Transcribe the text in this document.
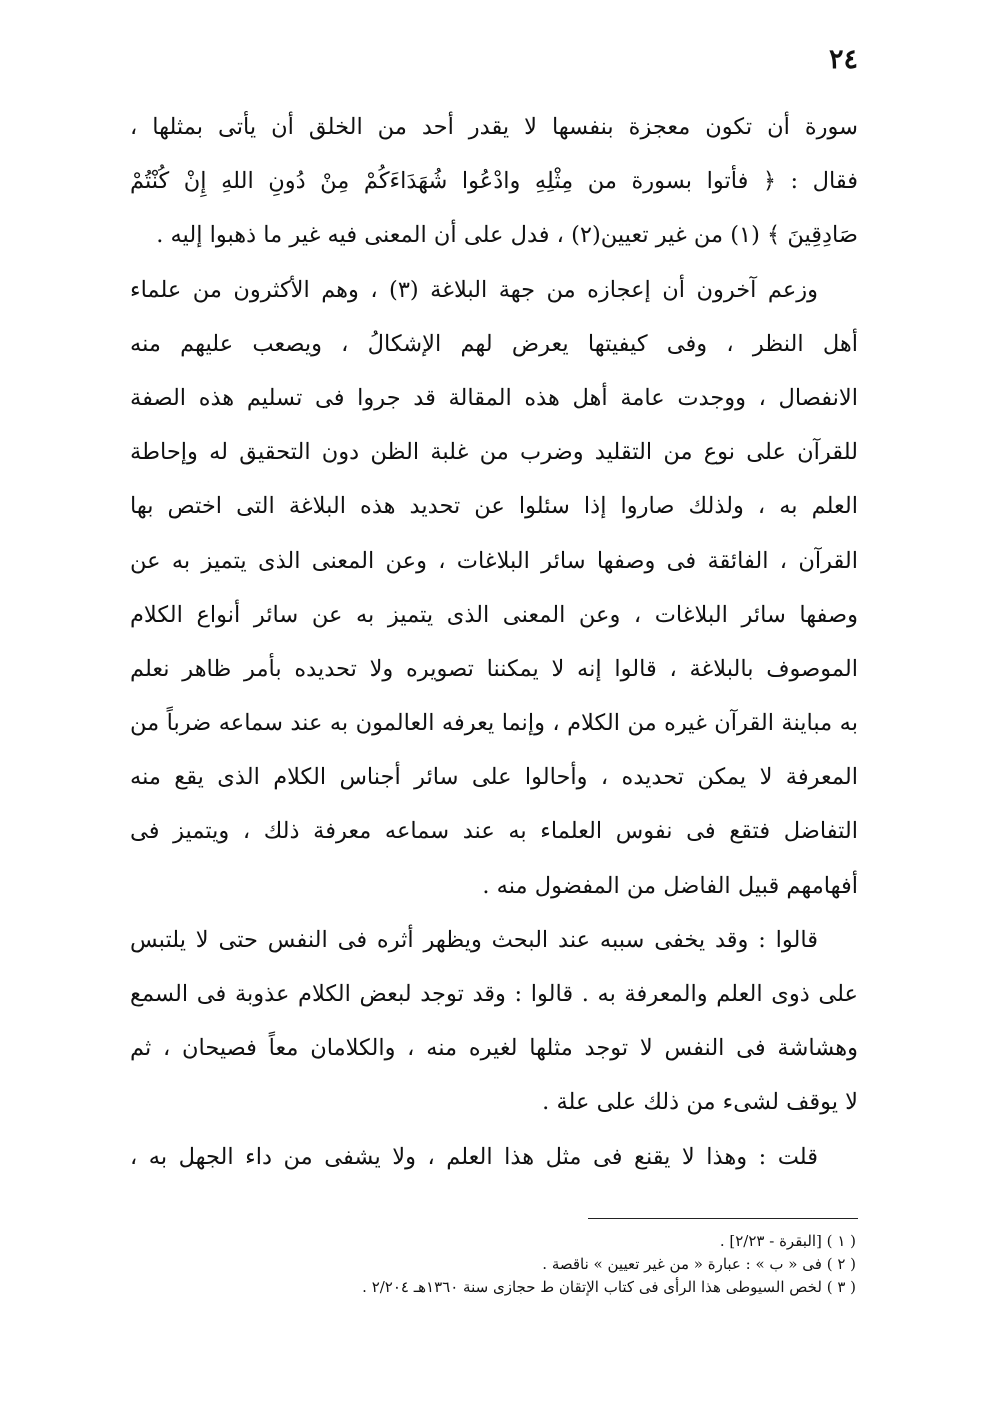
٢٤
سورة أن تكون معجزة بنفسها لا يقدر أحد من الخلق أن يأتى بمثلها ،
فقال : ﴿ فأتوا بسورة من مِثْلِهِ وادْعُوا شُهَدَاءَكُمْ مِنْ دُونِ اللهِ إِنْ كُنْتُمْ
صَادِقِينَ ﴾ (١) من غير تعيين(٢) ، فدل على أن المعنى فيه غير ما ذهبوا إليه .
وزعم آخرون أن إعجازه من جهة البلاغة (٣) ، وهم الأكثرون من علماء
أهل النظر ، وفى كيفيتها يعرض لهم الإشكالُ ، ويصعب عليهم منه
الانفصال ، ووجدت عامة أهل هذه المقالة قد جروا فى تسليم هذه الصفة
للقرآن على نوع من التقليد وضرب من غلبة الظن دون التحقيق له وإحاطة
العلم به ، ولذلك صاروا إذا سئلوا عن تحديد هذه البلاغة التى اختص بها
القرآن ، الفائقة فى وصفها سائر البلاغات ، وعن المعنى الذى يتميز به عن
وصفها سائر البلاغات ، وعن المعنى الذى يتميز به عن سائر أنواع الكلام
الموصوف بالبلاغة ، قالوا إنه لا يمكننا تصويره ولا تحديده بأمر ظاهر نعلم
به مباينة القرآن غيره من الكلام ، وإنما يعرفه العالمون به عند سماعه ضرباً من
المعرفة لا يمكن تحديده ، وأحالوا على سائر أجناس الكلام الذى يقع منه
التفاضل فتقع فى نفوس العلماء به عند سماعه معرفة ذلك ، ويتميز فى
أفهامهم قبيل الفاضل من المفضول منه .
قالوا : وقد يخفى سببه عند البحث ويظهر أثره فى النفس حتى لا يلتبس
على ذوى العلم والمعرفة به . قالوا : وقد توجد لبعض الكلام عذوبة فى السمع
وهشاشة فى النفس لا توجد مثلها لغيره منه ، والكلامان معاً فصيحان ، ثم
لا يوقف لشىء من ذلك على علة .
قلت : وهذا لا يقنع فى مثل هذا العلم ، ولا يشفى من داء الجهل به ،
( ١ ) [البقرة - ٢/٢٣] .
( ٢ ) فى « ب » : عبارة « من غير تعيين » ناقصة .
( ٣ ) لخص السيوطى هذا الرأى فى كتاب الإتقان ط حجازى سنة ١٣٦٠هـ ٢/٢٠٤ .
